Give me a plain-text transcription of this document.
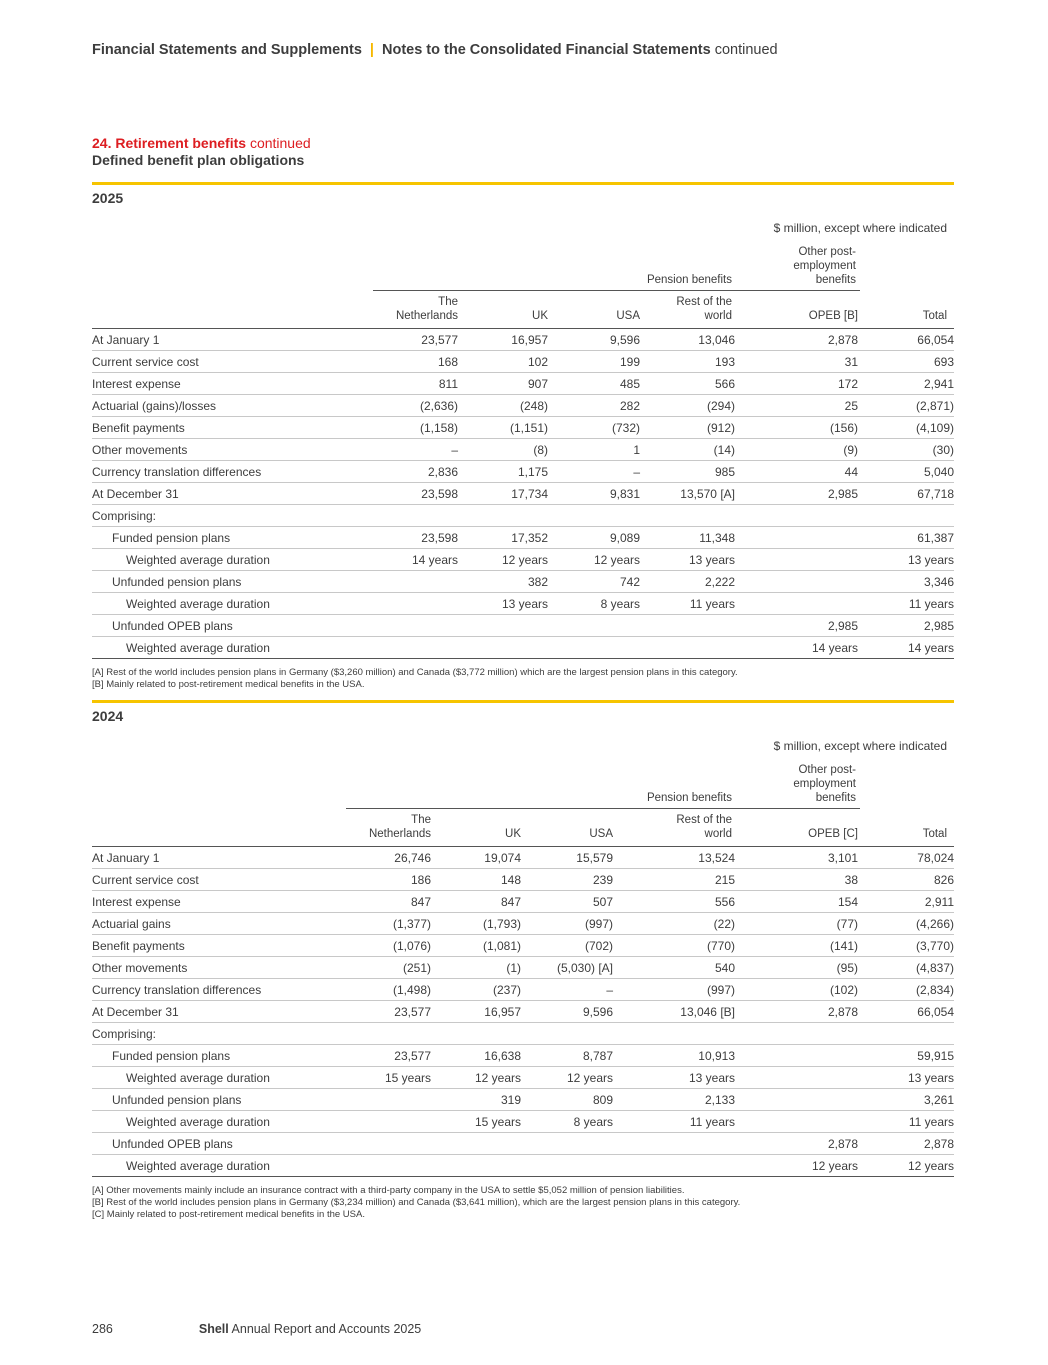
Financial Statements and Supplements | Notes to the Consolidated Financial Statements continued
24. Retirement benefits continued
Defined benefit plan obligations
2025
$ million, except where indicated
Pension benefits
Other post-employment benefits
The
Netherlands	UK	USA
Rest of the
world	OPEB [B]	Total
At January 1	23,577	16,957	9,596	13,046	2,878	66,054
Current service cost	168	102	199	193	31	693
Interest expense	811	907	485	566	172	2,941
Actuarial (gains)/losses	(2,636)	(248)	282	(294)	25	(2,871)
Benefit payments	(1,158)	(1,151)	(732)	(912)	(156)	(4,109)
Other movements	–	(8)	1	(14)	(9)	(30)
Currency translation differences	2,836	1,175	–	985	44	5,040
At December 31	23,598	17,734	9,831	13,570 [A]	2,985	67,718
Comprising:						
Funded pension plans	23,598	17,352	9,089	11,348		61,387
Weighted average duration	14 years	12 years	12 years	13 years		13 years
Unfunded pension plans		382	742	2,222		3,346
Weighted average duration		13 years	8 years	11 years		11 years
Unfunded OPEB plans					2,985	2,985
Weighted average duration					14 years	14 years
[A] Rest of the world includes pension plans in Germany ($3,260 million) and Canada ($3,772 million) which are the largest pension plans in this category.
[B] Mainly related to post-retirement medical benefits in the USA.
2024
$ million, except where indicated
Pension benefits
Other post-employment benefits
The
Netherlands	UK	USA
Rest of the
world	OPEB [C]	Total
At January 1	26,746	19,074	15,579	13,524	3,101	78,024
Current service cost	186	148	239	215	38	826
Interest expense	847	847	507	556	154	2,911
Actuarial gains	(1,377)	(1,793)	(997)	(22)	(77)	(4,266)
Benefit payments	(1,076)	(1,081)	(702)	(770)	(141)	(3,770)
Other movements	(251)	(1)	(5,030) [A]	540	(95)	(4,837)
Currency translation differences	(1,498)	(237)	–	(997)	(102)	(2,834)
At December 31	23,577	16,957	9,596	13,046 [B]	2,878	66,054
Comprising:						
Funded pension plans	23,577	16,638	8,787	10,913		59,915
Weighted average duration	15 years	12 years	12 years	13 years		13 years
Unfunded pension plans		319	809	2,133		3,261
Weighted average duration		15 years	8 years	11 years		11 years
Unfunded OPEB plans					2,878	2,878
Weighted average duration					12 years	12 years
[A] Other movements mainly include an insurance contract with a third-party company in the USA to settle $5,052 million of pension liabilities.
[B] Rest of the world includes pension plans in Germany ($3,234 million) and Canada ($3,641 million), which are the largest pension plans in this category.
[C] Mainly related to post-retirement medical benefits in the USA.
286	Shell Annual Report and Accounts 2025
